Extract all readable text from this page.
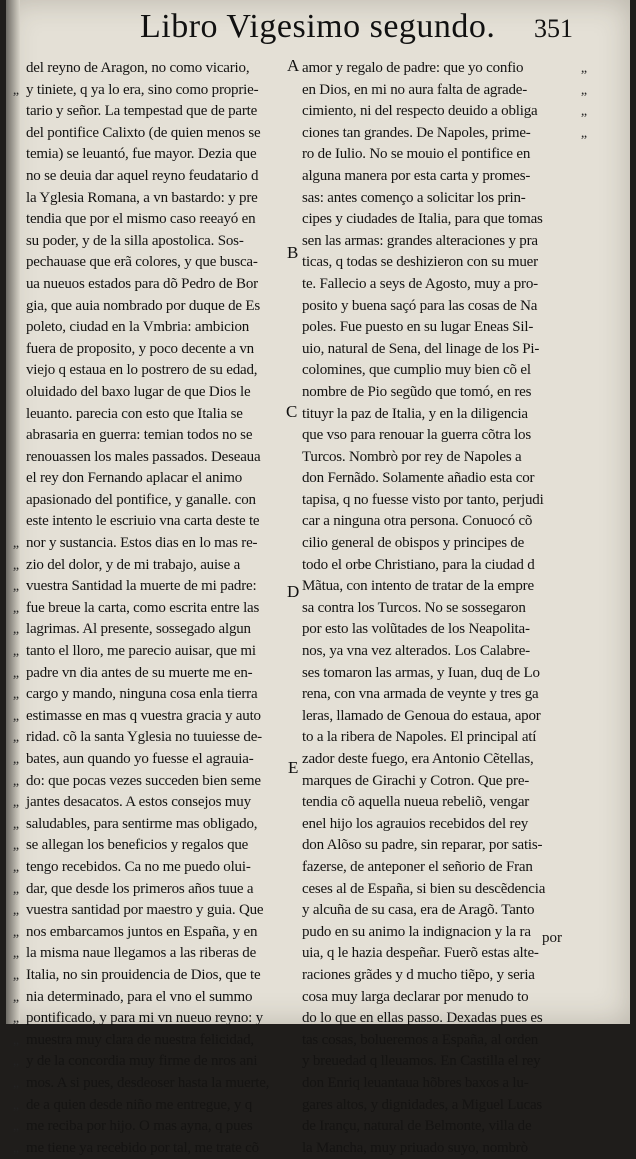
Libro Vigesimo segundo. 351
„
„
„
„
„
„
„
„
„
„
„
„
„
„
„
„
„
„
„
„
„
„
„
„
„
„
„
„
„
„
del reyno de Aragon, no como vicario,
y tiniete, q ya lo era, sino como proprie-
tario y señor. La tempestad que de parte
del pontifice Calixto (de quien menos se
temia) se leuantó, fue mayor. Dezia que
no se deuia dar aquel reyno feudatario d
la Yglesia Romana, a vn bastardo: y pre
tendia que por el mismo caso reeayó en
su poder, y de la silla apostolica. Sos-
pechauase que erã colores, y que busca-
ua nueuos estados para dõ Pedro de Bor
gia, que auia nombrado por duque de Es
poleto, ciudad en la Vmbria: ambicion
fuera de proposito, y poco decente a vn
viejo q estaua en lo postrero de su edad,
oluidado del baxo lugar de que Dios le
leuanto. parecia con esto que Italia se
abrasaria en guerra: temian todos no se
renouassen los males passados. Deseaua
el rey don Fernando aplacar el animo
apasionado del pontifice, y ganalle. con
este intento le escriuio vna carta deste te
nor y sustancia. Estos dias en lo mas re-
zio del dolor, y de mi trabajo, auise a
vuestra Santidad la muerte de mi padre:
fue breue la carta, como escrita entre las
lagrimas. Al presente, sossegado algun
tanto el lloro, me parecio auisar, que mi
padre vn dia antes de su muerte me en-
cargo y mando, ninguna cosa enla tierra
estimasse en mas q vuestra gracia y auto
ridad. cõ la santa Yglesia no tuuiesse de-
bates, aun quando yo fuesse el agrauia-
do: que pocas vezes succeden bien seme
jantes desacatos. A estos consejos muy
saludables, para sentirme mas obligado,
se allegan los beneficios y regalos que
tengo recebidos. Ca no me puedo olui-
dar, que desde los primeros años tuue a
vuestra santidad por maestro y guia. Que
nos embarcamos juntos en España, y en
la misma naue llegamos a las riberas de
Italia, no sin prouidencia de Dios, que te
nia determinado, para el vno el summo
pontificado, y para mi vn nueuo reyno: y
muestra muy clara de nuestra felicidad,
y de la concordia muy firme de nros ani
mos. A si pues, desdeoser hasta la muerte,
de a quien desde niño me entregue, y q
me reciba por hijo. O mas ayna, q pues
me tiene ya recebido por tal, me trate cõ
A
B
C
D
E
amor y regalo de padre: que yo confio
en Dios, en mi no aura falta de agrade-
cimiento, ni del respecto deuido a obliga
ciones tan grandes. De Napoles, prime-
ro de Iulio. No se mouio el pontifice en
alguna manera por esta carta y promes-
sas: antes començo a solicitar los prin-
cipes y ciudades de Italia, para que tomas
sen las armas: grandes alteraciones y pra
ticas, q todas se deshizieron con su muer
te. Fallecio a seys de Agosto, muy a pro-
posito y buena saçó para las cosas de Na
poles. Fue puesto en su lugar Eneas Sil-
uio, natural de Sena, del linage de los Pi-
colomines, que cumplio muy bien cõ el
nombre de Pio segũdo que tomó, en res
tituyr la paz de Italia, y en la diligencia
que vso para renouar la guerra cõtra los
Turcos. Nombrò por rey de Napoles a
don Fernãdo. Solamente añadio esta cor
tapisa, q no fuesse visto por tanto, perjudi
car a ninguna otra persona. Conuocó cõ
cilio general de obispos y principes de
todo el orbe Christiano, para la ciudad d
Mãtua, con intento de tratar de la empre
sa contra los Turcos. No se sossegaron
por esto las volũtades de los Neapolita-
nos, ya vna vez alterados. Los Calabre-
ses tomaron las armas, y Iuan, duq de Lo
rena, con vna armada de veynte y tres ga
leras, llamado de Genoua do estaua, apor
to a la ribera de Napoles. El principal atí
zador deste fuego, era Antonio Cẽtellas,
marques de Girachi y Cotron. Que pre-
tendia cõ aquella nueua rebeliõ, vengar
enel hijo los agrauios recebidos del rey
don Alõso su padre, sin reparar, por satis-
fazerse, de anteponer el señorio de Fran
ceses al de España, si bien su descẽdencia
y alcuña de su casa, era de Aragõ. Tanto
pudo en su animo la indignacion y la ra
uia, q le hazia despeñar. Fuerõ estas alte-
raciones grãdes y d mucho tiẽpo, y seria
cosa muy larga declarar por menudo to
do lo que en ellas passo. Dexadas pues es
tas cosas, bolueremos a España, al orden
y breuedad q lleuamos. En Castilla el rey
don Enriq leuantaua hõbres baxos a lu-
gares altos, y dignidades, a Miguel Lucas
de Irançu, natural de Belmonte, villa de
la Mancha, muy priuado suyo, nombrò
„
„
„
„
por
